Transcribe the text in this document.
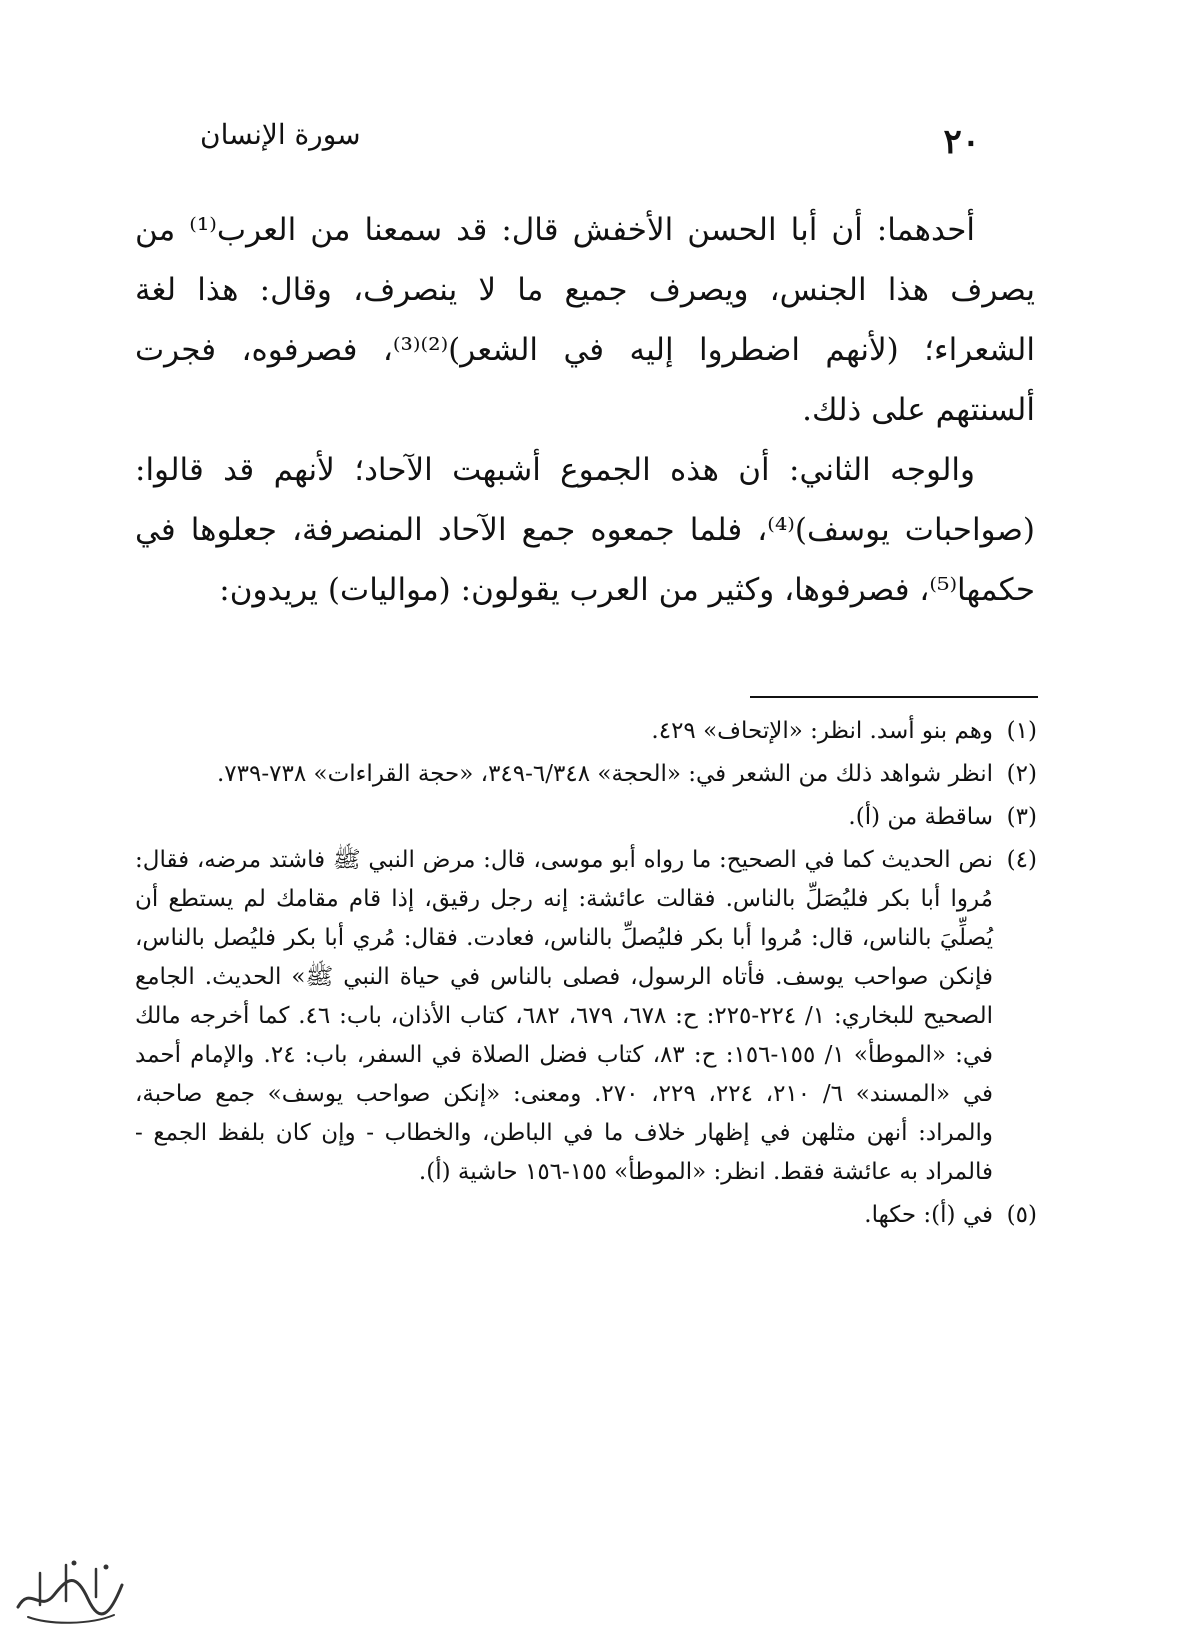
٢٠
سورة الإنسان

أحدهما: أن أبا الحسن الأخفش قال: قد سمعنا من العرب⁽¹⁾ من يصرف هذا الجنس، ويصرف جميع ما لا ينصرف، وقال: هذا لغة الشعراء؛ (لأنهم اضطروا إليه في الشعر)⁽²⁾⁽³⁾، فصرفوه، فجرت ألسنتهم على ذلك.

والوجه الثاني: أن هذه الجموع أشبهت الآحاد؛ لأنهم قد قالوا: (صواحبات يوسف)⁽⁴⁾، فلما جمعوه جمع الآحاد المنصرفة، جعلوها في حكمها⁽⁵⁾، فصرفوها، وكثير من العرب يقولون: (مواليات) يريدون:

(١)
وهم بنو أسد. انظر: «الإتحاف» ٤٢٩.
(٢)
انظر شواهد ذلك من الشعر في: «الحجة» ٦/٣٤٨-٣٤٩، «حجة القراءات» ٧٣٨-٧٣٩.
(٣)
ساقطة من (أ).
(٤)
نص الحديث كما في الصحيح: ما رواه أبو موسى، قال: مرض النبي ﷺ فاشتد مرضه، فقال: مُروا أبا بكر فليُصَلِّ بالناس. فقالت عائشة: إنه رجل رقيق، إذا قام مقامك لم يستطع أن يُصلِّيَ بالناس، قال: مُروا أبا بكر فليُصلِّ بالناس، فعادت. فقال: مُري أبا بكر فليُصل بالناس، فإنكن صواحب يوسف. فأتاه الرسول، فصلى بالناس في حياة النبي ﷺ» الحديث. الجامع الصحيح للبخاري: ١/ ٢٢٤-٢٢٥: ح: ٦٧٨، ٦٧٩، ٦٨٢، كتاب الأذان، باب: ٤٦. كما أخرجه مالك في: «الموطأ» ١/ ١٥٥-١٥٦: ح: ٨٣، كتاب فضل الصلاة في السفر، باب: ٢٤. والإمام أحمد في «المسند» ٦/ ٢١٠، ٢٢٤، ٢٢٩، ٢٧٠. ومعنى: «إنكن صواحب يوسف» جمع صاحبة، والمراد: أنهن مثلهن في إظهار خلاف ما في الباطن، والخطاب - وإن كان بلفظ الجمع - فالمراد به عائشة فقط. انظر: «الموطأ» ١٥٥-١٥٦ حاشية (أ).
(٥)
في (أ): حكها.
